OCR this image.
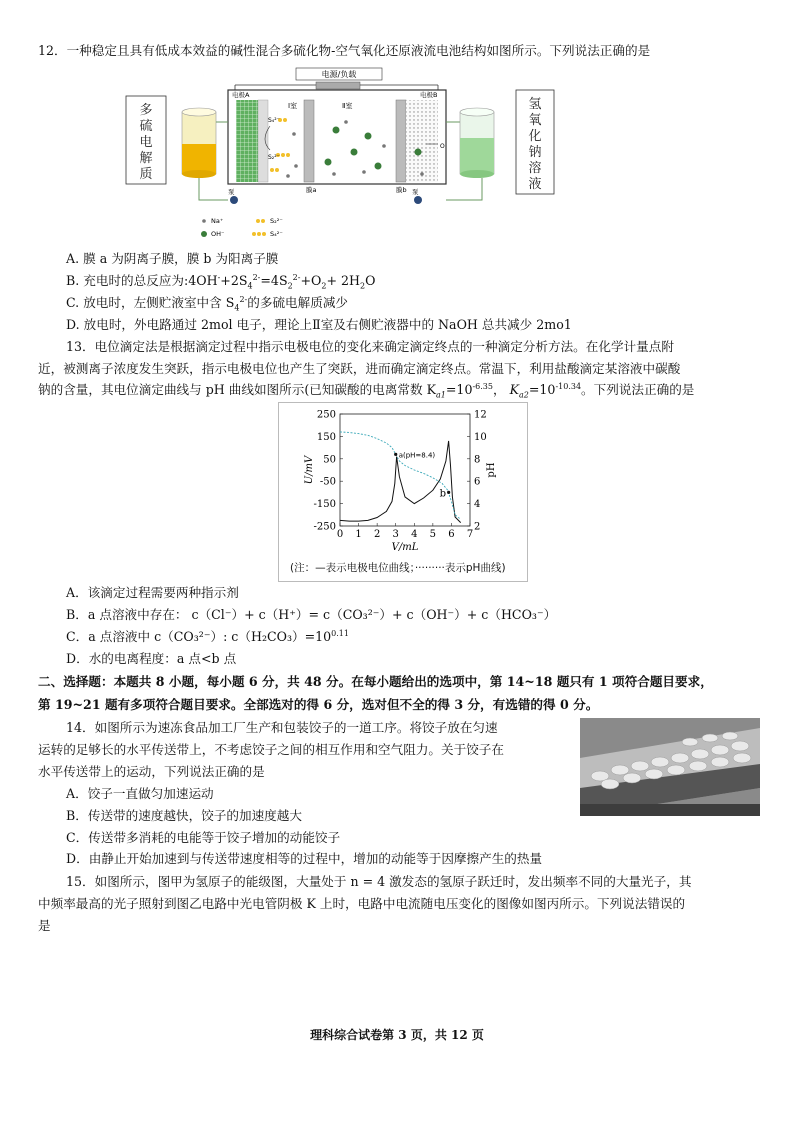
12．一种稳定且具有低成本效益的碱性混合多硫化物-空气氧化还原液流电池结构如图所示。下列说法正确的是
多
硫
电
解
质
电源/负载
电极A	电极B
Ⅰ室	Ⅱ室
S₄²⁻
S₂²⁻
O
泵	泵
膜a	膜b
氢
氧
化
钠
溶
液
Na⁺
OH⁻
S₂²⁻
S₄²⁻
A. 膜 a 为阴离子膜，膜 b 为阳离子膜
B. 充电时的总反应为$:4OH^-+2S_4^{2-}=4S_2^{2-}+O_2+ 2H_2O$
C. 放电时，左侧贮液室中含 $S_4^{2-}$的多硫电解质减少
D. 放电时，外电路通过 2mol 电子，理论上Ⅱ室及右侧贮液器中的 NaOH 总共减少 2mo1
13．电位滴定法是根据滴定过程中指示电极电位的变化来确定滴定终点的一种滴定分析方法。在化学计量点附
近，被测离子浓度发生突跃，指示电极电位也产生了突跃，进而确定滴定终点。常温下，利用盐酸滴定某溶液中碳酸
钠的含量，其电位滴定曲线与 pH 曲线如图所示(已知碳酸的电离常数 $K_{a1}=10^{-6.35}$， $K_{a2}=10^{-10.34}$。下列说法正确的是
0 1 2 3 4 5 6 7
250
150
50
-50
-150
-250
12
10
8
6
4
2
V/mL
U/mV	pH
a(pH=8.4)
b
(注：—表示电极电位曲线；·········表示pH曲线)
A．该滴定过程需要两种指示剂
B．a 点溶液中存在： c（Cl⁻）+ c（H⁺）= c（CO₃²⁻）+ c（OH⁻）+ c（HCO₃⁻）
C．a 点溶液中 c（CO₃²⁻）: $c(H_2CO_3)=10^{0.11}$
D．水的电离程度：a 点<b 点
二、选择题：本题共 8 小题，每小题 6 分，共 48 分。在每小题给出的选项中，第 14~18 题只有 1 项符合题目要求，
第 19~21 题有多项符合题目要求。全部选对的得 6 分，选对但不全的得 3 分，有选错的得 0 分。
14．如图所示为速冻食品加工厂生产和包装饺子的一道工序。将饺子放在匀速
运转的足够长的水平传送带上，不考虑饺子之间的相互作用和空气阻力。关于饺子在
水平传送带上的运动，下列说法正确的是
A．饺子一直做匀加速运动
B．传送带的速度越快，饺子的加速度越大
C．传送带多消耗的电能等于饺子增加的动能饺子
D．由静止开始加速到与传送带速度相等的过程中，增加的动能等于因摩擦产生的热量
15．如图所示，图甲为氢原子的能级图，大量处于 n = 4 激发态的氢原子跃迁时，发出频率不同的大量光子，其
中频率最高的光子照射到图乙电路中光电管阴极 K 上时，电路中电流随电压变化的图像如图丙所示。下列说法错误的
是
理科综合试卷第 3 页，共 12 页
